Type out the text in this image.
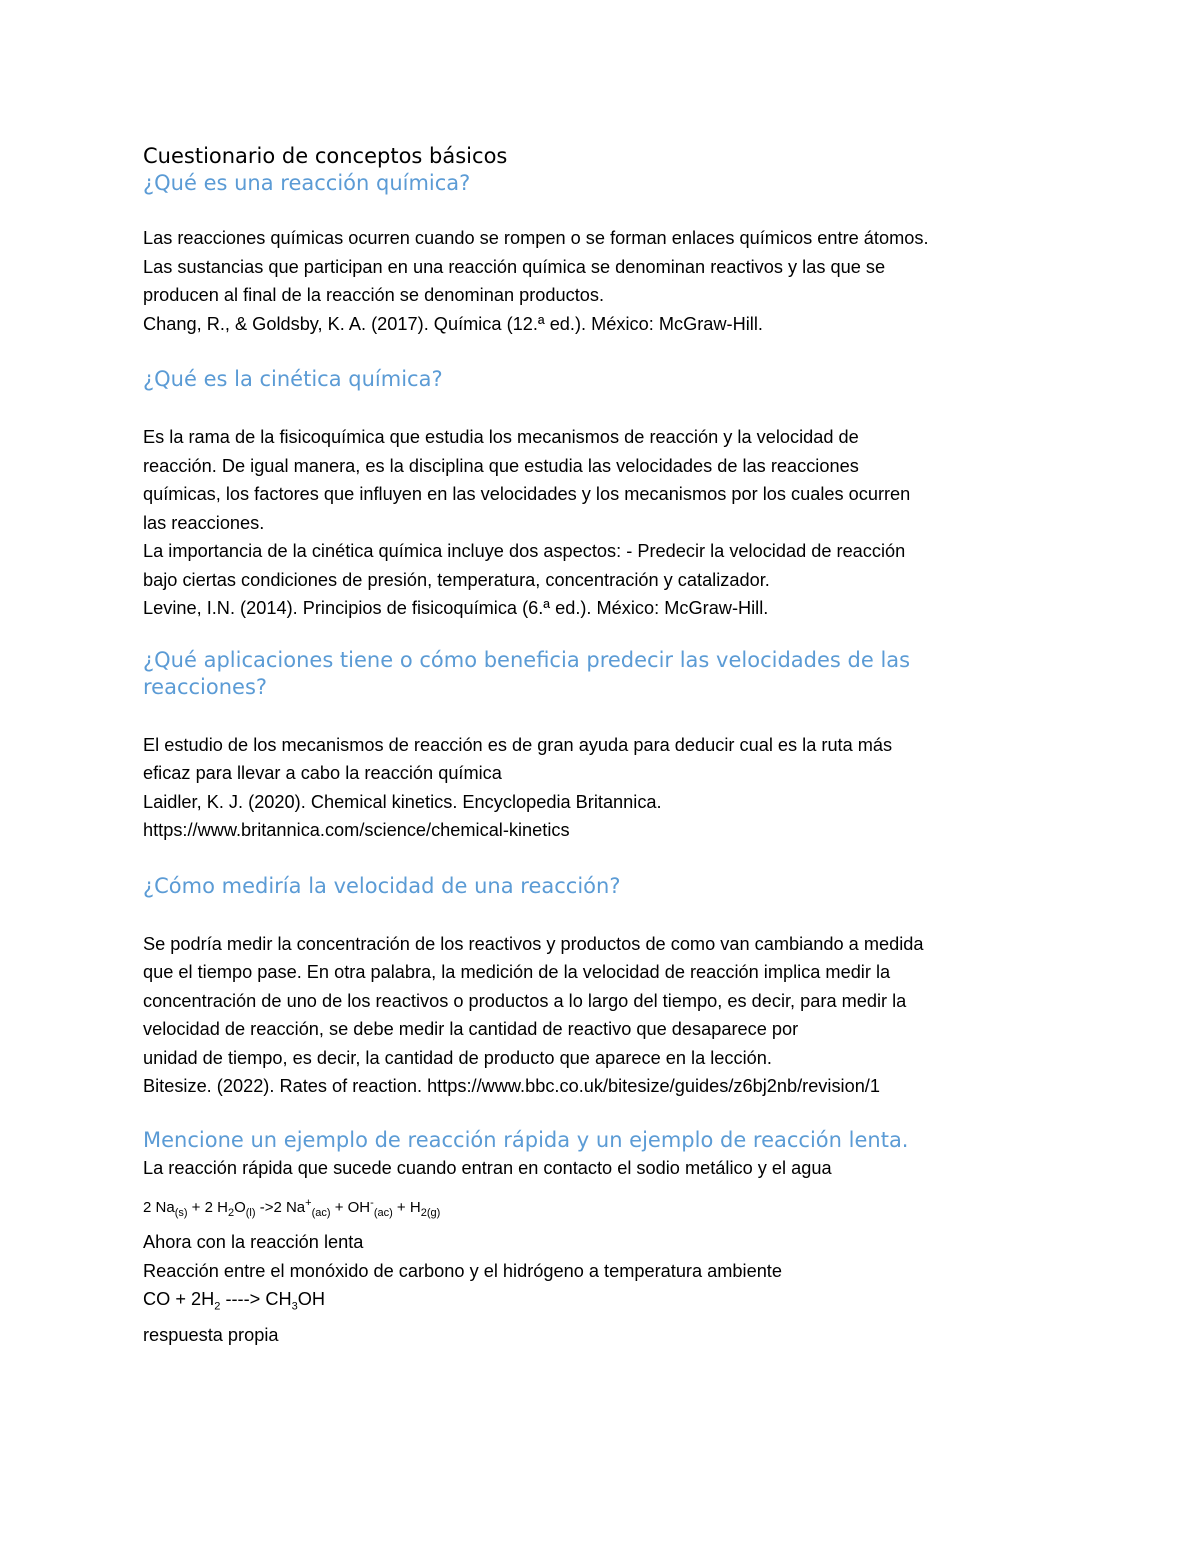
Cuestionario de conceptos básicos
¿Qué es una reacción química?

Las reacciones químicas ocurren cuando se rompen o se forman enlaces químicos entre átomos.

Las sustancias que participan en una reacción química se denominan reactivos y las que se

producen al final de la reacción se denominan productos.

Chang, R., & Goldsby, K. A. (2017). Química (12.ª ed.). México: McGraw-Hill.

¿Qué es la cinética química?

Es la rama de la fisicoquímica que estudia los mecanismos de reacción y la velocidad de

reacción. De igual manera, es la disciplina que estudia las velocidades de las reacciones

químicas, los factores que influyen en las velocidades y los mecanismos por los cuales ocurren

las reacciones.

La importancia de la cinética química incluye dos aspectos: - Predecir la velocidad de reacción

bajo ciertas condiciones de presión, temperatura, concentración y catalizador.

Levine, I.N. (2014). Principios de fisicoquímica (6.ª ed.). México: McGraw-Hill.

¿Qué aplicaciones tiene o cómo beneficia predecir las velocidades de las
reacciones?

El estudio de los mecanismos de reacción es de gran ayuda para deducir cual es la ruta más

eficaz para llevar a cabo la reacción química

Laidler, K. J. (2020). Chemical kinetics. Encyclopedia Britannica.

https://www.britannica.com/science/chemical-kinetics

¿Cómo mediría la velocidad de una reacción?

Se podría medir la concentración de los reactivos y productos de como van cambiando a medida

que el tiempo pase. En otra palabra, la medición de la velocidad de reacción implica medir la

concentración de uno de los reactivos o productos a lo largo del tiempo, es decir, para medir la

velocidad de reacción, se debe medir la cantidad de reactivo que desaparece por

unidad de tiempo, es decir, la cantidad de producto que aparece en la lección.

Bitesize. (2022). Rates of reaction. https://www.bbc.co.uk/bitesize/guides/z6bj2nb/revision/1

Mencione un ejemplo de reacción rápida y un ejemplo de reacción lenta.

La reacción rápida que sucede cuando entran en contacto el sodio metálico y el agua

2 $Na_{(s)} + 2$ $H_2O_{(l)}$ ->2 $Na^+_{(ac)} + OH^-_{(ac)} + H_{2(g)}$

Ahora con la reacción lenta

Reacción entre el monóxido de carbono y el hidrógeno a temperatura ambiente

CO + $2H_2$ ----> $CH_3OH$

respuesta propia
